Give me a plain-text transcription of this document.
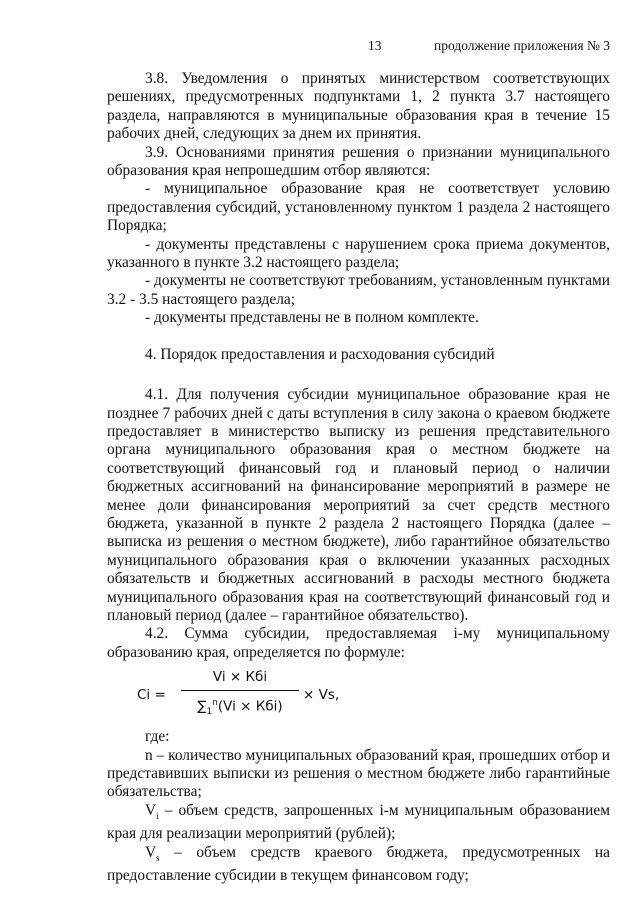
13	продолжение приложения № 3

3.8. Уведомления о принятых министерством соответствующих решениях, предусмотренных подпунктами 1, 2 пункта 3.7 настоящего раздела, направляются в муниципальные образования края в течение 15 рабочих дней, следующих за днем их принятия.

3.9. Основаниями принятия решения о признании муниципального образования края непрошедшим отбор являются:

- муниципальное образование края не соответствует условию предоставления субсидий, установленному пунктом 1 раздела 2 настоящего Порядка;

- документы представлены с нарушением срока приема документов, указанного в пункте 3.2 настоящего раздела;

- документы не соответствуют требованиям, установленным пунктами 3.2 - 3.5 настоящего раздела;

- документы представлены не в полном комплекте.

4. Порядок предоставления и расходования субсидий

4.1. Для получения субсидии муниципальное образование края не позднее 7 рабочих дней с даты вступления в силу закона о краевом бюджете предоставляет в министерство выписку из решения представительного органа муниципального образования края о местном бюджете на соответствующий финансовый год и плановый период о наличии бюджетных ассигнований на финансирование мероприятий в размере не менее доли финансирования мероприятий за счет средств местного бюджета, указанной в пункте 2 раздела 2 настоящего Порядка (далее – выписка из решения о местном бюджете), либо гарантийное обязательство муниципального образования края о включении указанных расходных обязательств и бюджетных ассигнований в расходы местного бюджета муниципального образования края на соответствующий финансовый год и плановый период (далее – гарантийное обязательство).

4.2. Сумма субсидии, предоставляемая i-му муниципальному образованию края, определяется по формуле:

Ci =
Vi × Кбi
$\sum_1^n(Vi \times Кбi)$
× Vs,

где:

n – количество муниципальных образований края, прошедших отбор и представивших выписки из решения о местном бюджете либо гарантийные обязательства;

$V_i$ – объем средств, запрошенных i-м муниципальным образованием края для реализации мероприятий (рублей);

$V_s$ – объем средств краевого бюджета, предусмотренных на предоставление субсидии в текущем финансовом году;
